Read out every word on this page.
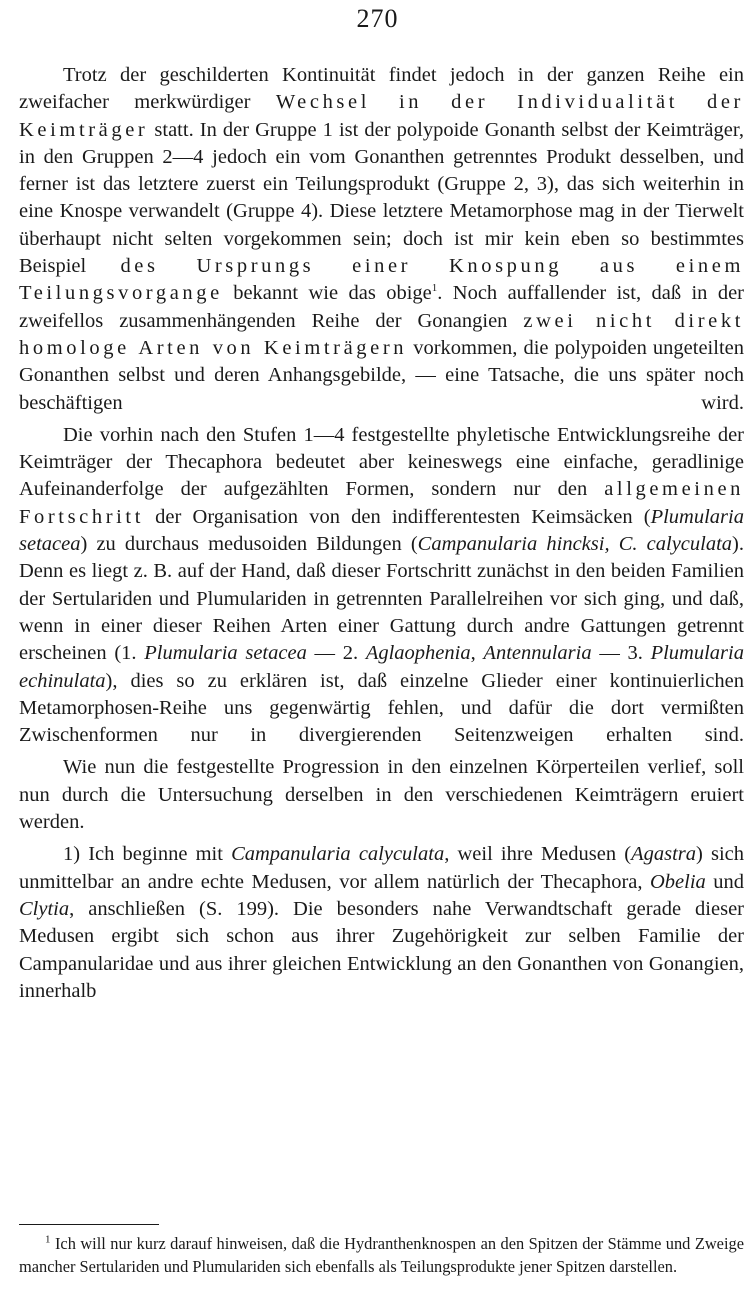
270

Trotz der geschilderten Kontinuität findet jedoch in der ganzen Reihe ein zweifacher merkwürdiger Wechsel in der Individualität der Keimträger statt. In der Gruppe 1 ist der polypoide Gonanth selbst der Keimträger, in den Gruppen 2—4 jedoch ein vom Gonanthen getrenntes Produkt desselben, und ferner ist das letztere zuerst ein Teilungsprodukt (Gruppe 2, 3), das sich weiterhin in eine Knospe verwandelt (Gruppe 4). Diese letztere Metamorphose mag in der Tierwelt überhaupt nicht selten vorgekommen sein; doch ist mir kein eben so bestimmtes Beispiel des Ursprungs einer Knospung aus einem Teilungsvorgange bekannt wie das obige$^1$. Noch auffallender ist, daß in der zweifellos zusammenhängenden Reihe der Gonangien zwei nicht direkt homologe Arten von Keimträgern vorkommen, die polypoiden ungeteilten Gonanthen selbst und deren Anhangsgebilde, — eine Tatsache, die uns später noch beschäftigen wird.

Die vorhin nach den Stufen 1—4 festgestellte phyletische Entwicklungsreihe der Keimträger der Thecaphora bedeutet aber keineswegs eine einfache, geradlinige Aufeinanderfolge der aufgezählten Formen, sondern nur den allgemeinen Fortschritt der Organisation von den indifferentesten Keimsäcken (Plumularia setacea) zu durchaus medusoiden Bildungen (Campanularia hincksi, C. calyculata). Denn es liegt z. B. auf der Hand, daß dieser Fortschritt zunächst in den beiden Familien der Sertulariden und Plumulariden in getrennten Parallelreihen vor sich ging, und daß, wenn in einer dieser Reihen Arten einer Gattung durch andre Gattungen getrennt erscheinen (1. Plumularia setacea — 2. Aglaophenia, Antennularia — 3. Plumularia echinulata), dies so zu erklären ist, daß einzelne Glieder einer kontinuierlichen Metamorphosen-Reihe uns gegenwärtig fehlen, und dafür die dort vermißten Zwischenformen nur in divergierenden Seitenzweigen erhalten sind.

Wie nun die festgestellte Progression in den einzelnen Körperteilen verlief, soll nun durch die Untersuchung derselben in den verschiedenen Keimträgern eruiert werden.

1) Ich beginne mit Campanularia calyculata, weil ihre Medusen (Agastra) sich unmittelbar an andre echte Medusen, vor allem natürlich der Thecaphora, Obelia und Clytia, anschließen (S. 199). Die besonders nahe Verwandtschaft gerade dieser Medusen ergibt sich schon aus ihrer Zugehörigkeit zur selben Familie der Campanularidae und aus ihrer gleichen Entwicklung an den Gonanthen von Gonangien, innerhalb

$^1$ Ich will nur kurz darauf hinweisen, daß die Hydranthenknospen an den Spitzen der Stämme und Zweige mancher Sertulariden und Plumulariden sich ebenfalls als Teilungsprodukte jener Spitzen darstellen.
